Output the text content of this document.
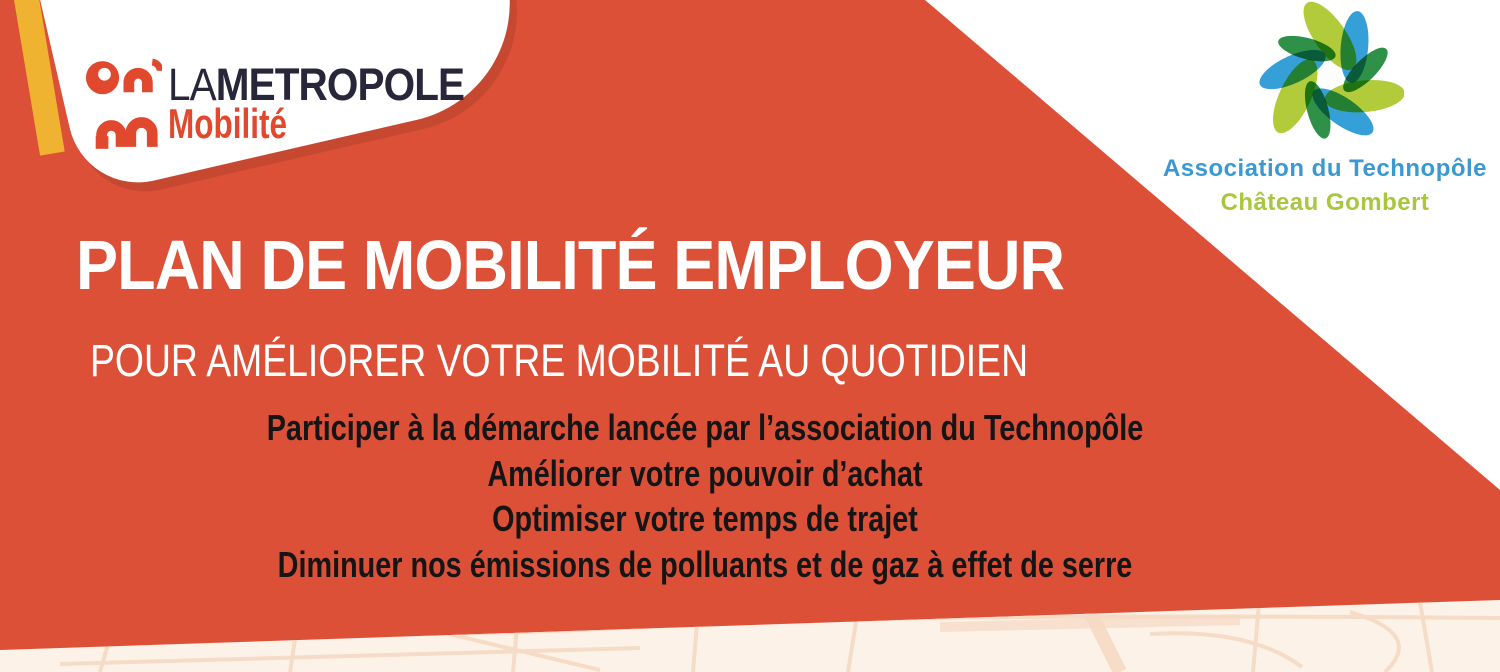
LAMETROPOLE
Mobilité
Association du Technopôle
Château Gombert
PLAN DE MOBILITÉ EMPLOYEUR
POUR AMÉLIORER VOTRE MOBILITÉ AU QUOTIDIEN
Participer à la démarche lancée par l’association du Technopôle
Améliorer votre pouvoir d’achat
Optimiser votre temps de trajet
Diminuer nos émissions de polluants et de gaz à effet de serre
